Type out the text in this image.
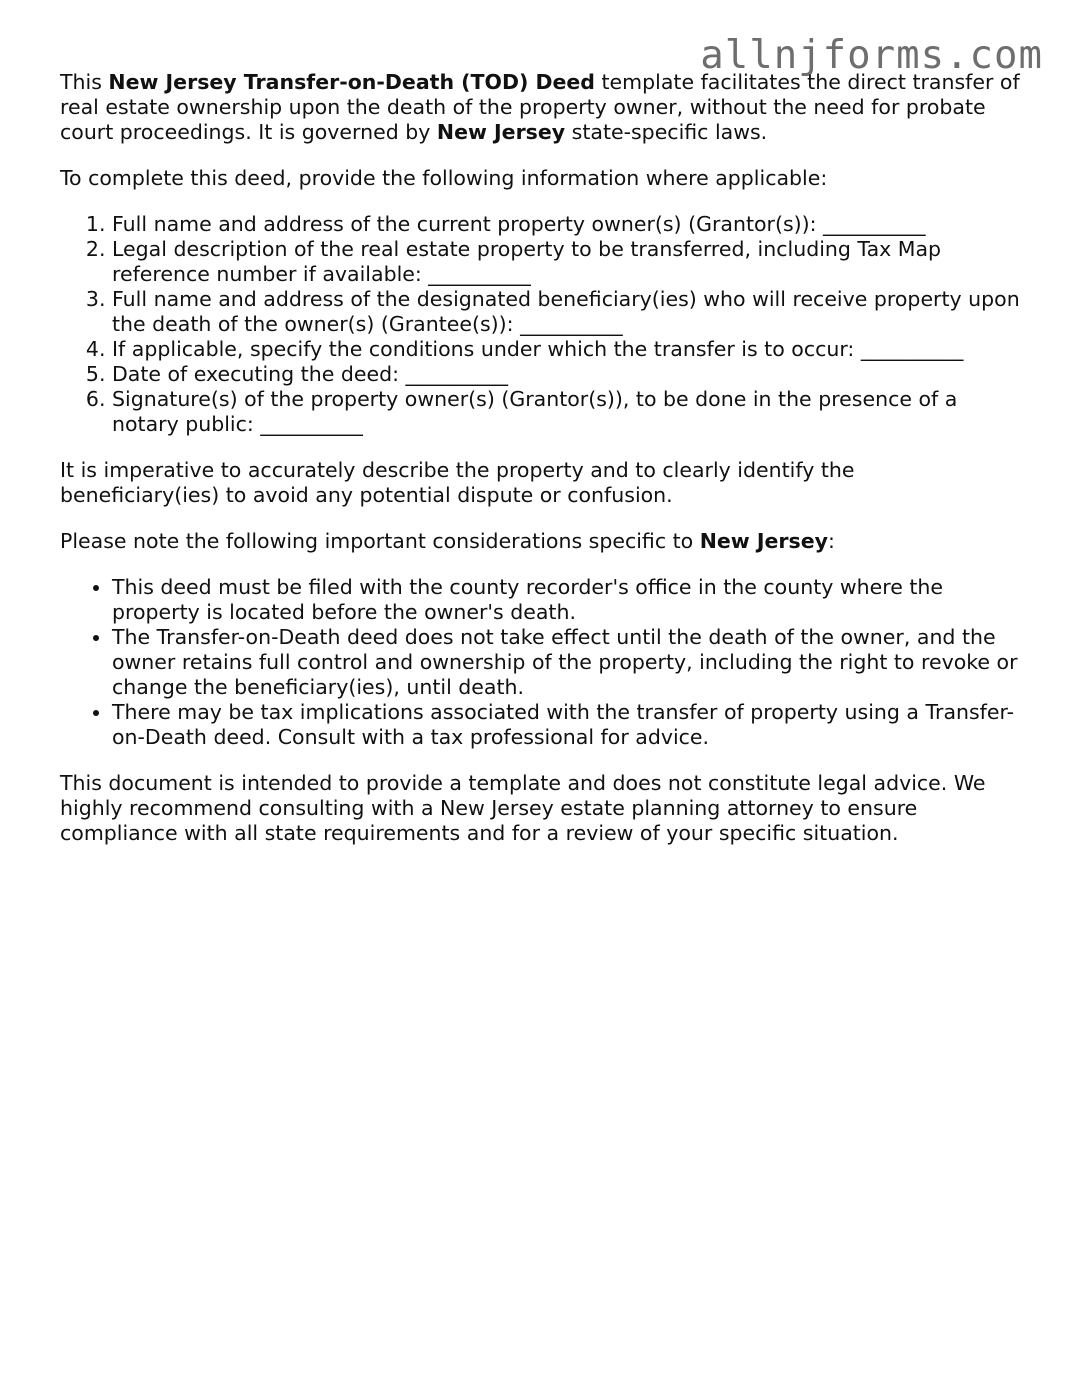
allnjforms.com

This New Jersey Transfer-on-Death (TOD) Deed template facilitates the direct transfer of real estate ownership upon the death of the property owner, without the need for probate court proceedings. It is governed by New Jersey state-specific laws.

To complete this deed, provide the following information where applicable:

1. Full name and address of the current property owner(s) (Grantor(s)): __________
2. Legal description of the real estate property to be transferred, including Tax Map reference number if available: __________
3. Full name and address of the designated beneficiary(ies) who will receive property upon the death of the owner(s) (Grantee(s)): __________
4. If applicable, specify the conditions under which the transfer is to occur: __________
5. Date of executing the deed: __________
6. Signature(s) of the property owner(s) (Grantor(s)), to be done in the presence of a notary public: __________

It is imperative to accurately describe the property and to clearly identify the beneficiary(ies) to avoid any potential dispute or confusion.

Please note the following important considerations specific to New Jersey:

• This deed must be filed with the county recorder's office in the county where the property is located before the owner's death.
• The Transfer-on-Death deed does not take effect until the death of the owner, and the owner retains full control and ownership of the property, including the right to revoke or change the beneficiary(ies), until death.
• There may be tax implications associated with the transfer of property using a Transfer-on-Death deed. Consult with a tax professional for advice.

This document is intended to provide a template and does not constitute legal advice. We highly recommend consulting with a New Jersey estate planning attorney to ensure compliance with all state requirements and for a review of your specific situation.
